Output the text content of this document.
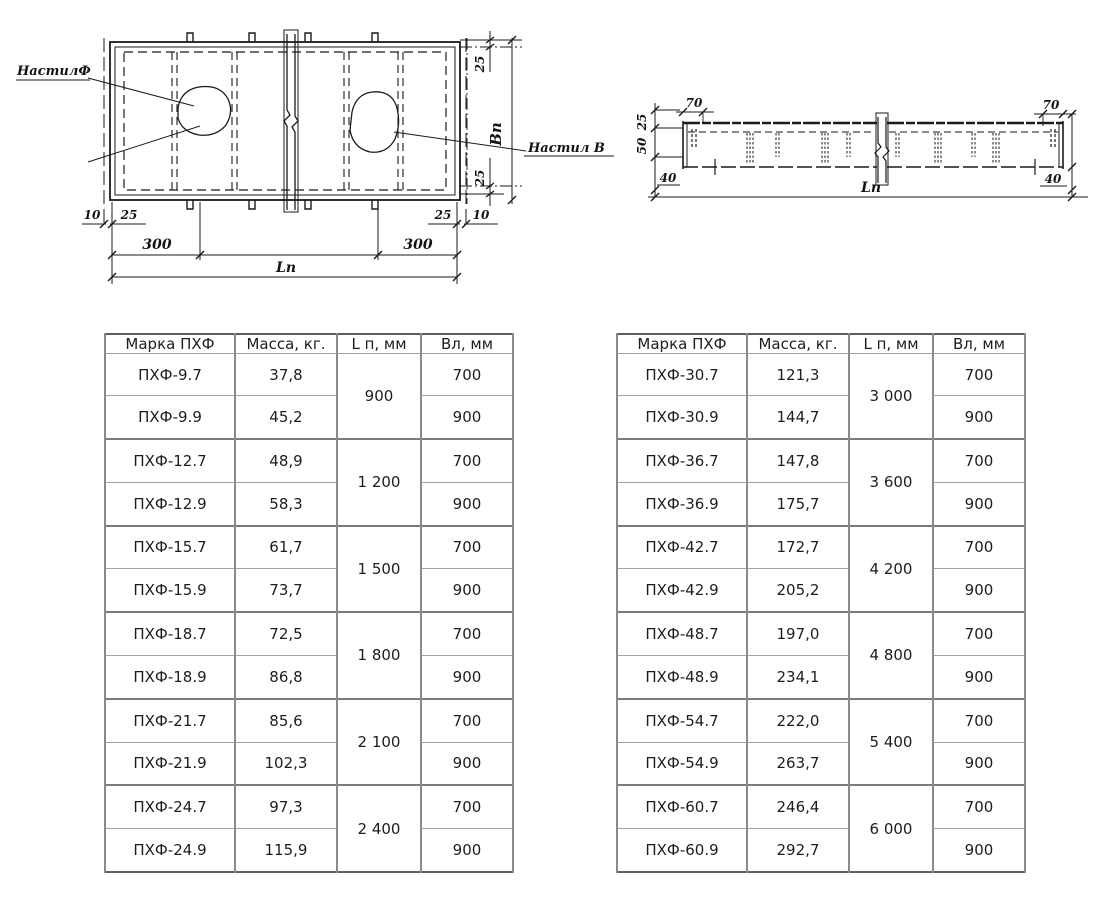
НастилФ
Настил В
25
Вп
25
10 25	25 10
300	300
Lп
25
50
40
70	70
40
Lп
Марка ПХФ	Масса, кг.	L п, мм	Вл, мм
ПХФ-9.7	37,8	900	700
ПХФ-9.9	45,2		900
ПХФ-12.7	48,9	1 200	700
ПХФ-12.9	58,3		900
ПХФ-15.7	61,7	1 500	700
ПХФ-15.9	73,7		900
ПХФ-18.7	72,5	1 800	700
ПХФ-18.9	86,8		900
ПХФ-21.7	85,6	2 100	700
ПХФ-21.9	102,3		900
ПХФ-24.7	97,3	2 400	700
ПХФ-24.9	115,9		900
Марка ПХФ	Масса, кг.	L п, мм	Вл, мм
ПХФ-30.7	121,3	3 000	700
ПХФ-30.9	144,7		900
ПХФ-36.7	147,8	3 600	700
ПХФ-36.9	175,7		900
ПХФ-42.7	172,7	4 200	700
ПХФ-42.9	205,2		900
ПХФ-48.7	197,0	4 800	700
ПХФ-48.9	234,1		900
ПХФ-54.7	222,0	5 400	700
ПХФ-54.9	263,7		900
ПХФ-60.7	246,4	6 000	700
ПХФ-60.9	292,7		900
